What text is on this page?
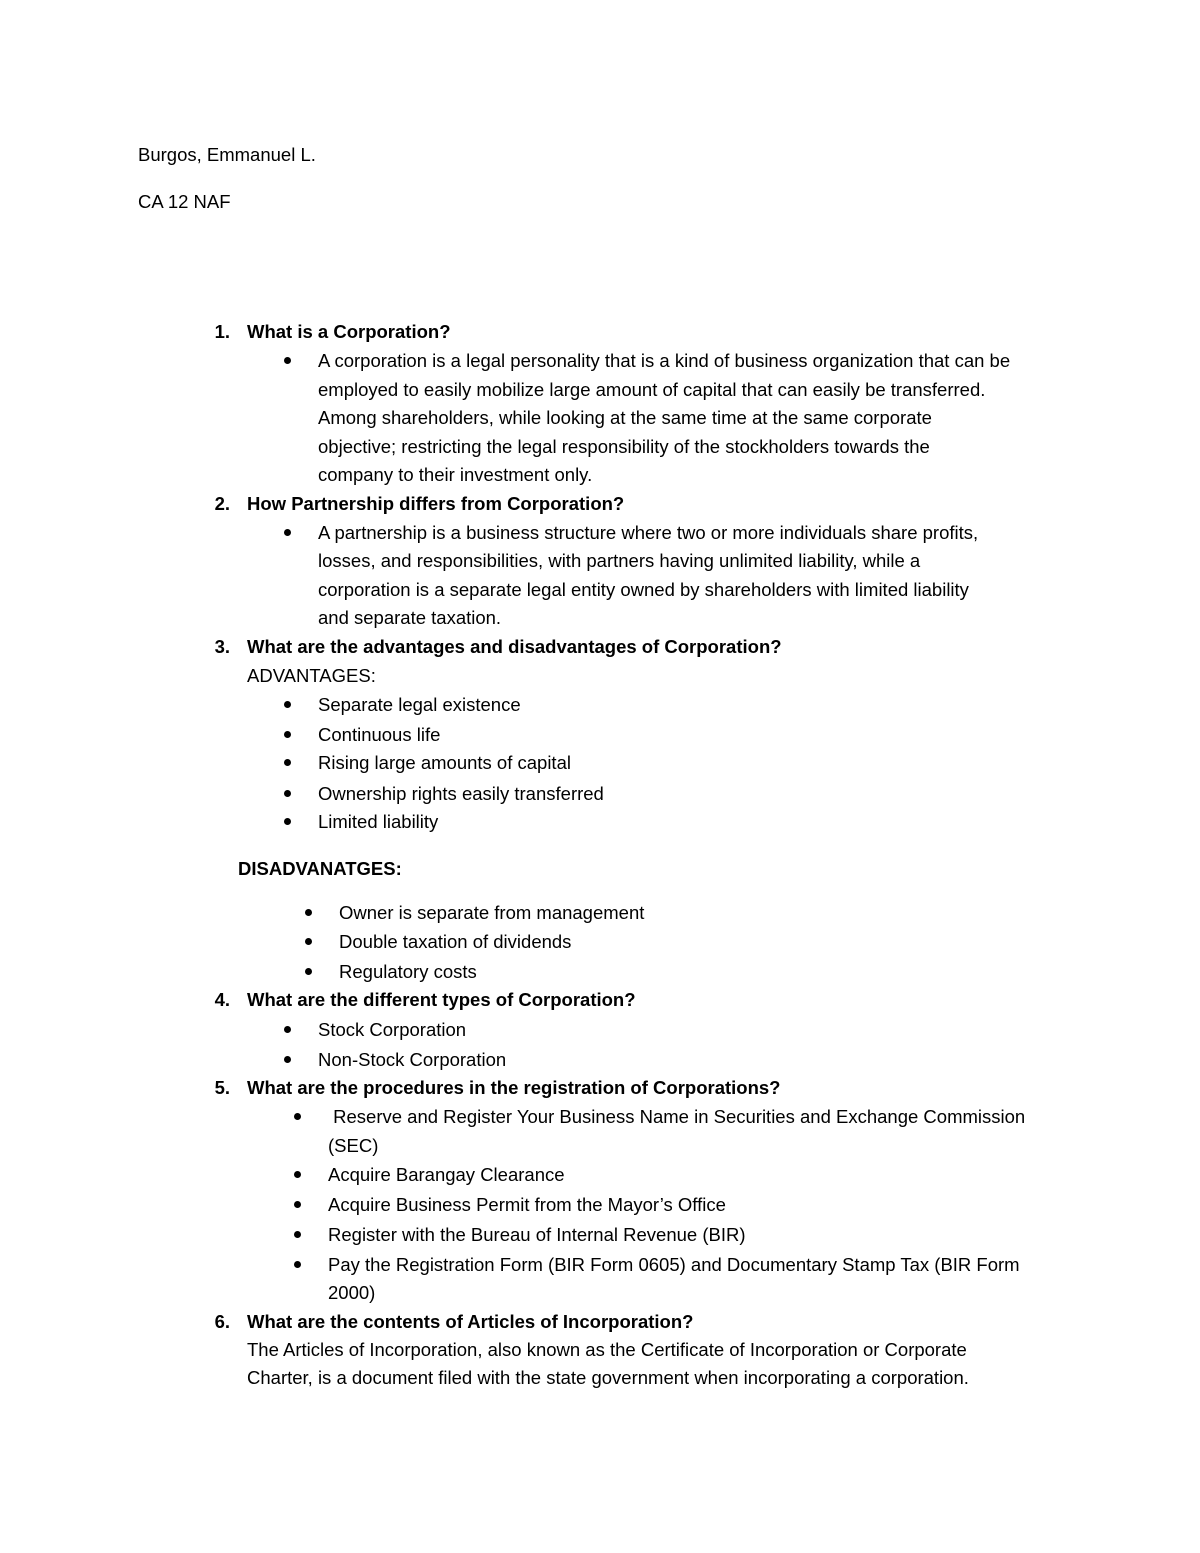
Burgos, Emmanuel L.
CA 12 NAF
1. What is a Corporation?
A corporation is a legal personality that is a kind of business organization that can be
employed to easily mobilize large amount of capital that can easily be transferred.
Among shareholders, while looking at the same time at the same corporate
objective; restricting the legal responsibility of the stockholders towards the
company to their investment only.
2. How Partnership differs from Corporation?
A partnership is a business structure where two or more individuals share profits,
losses, and responsibilities, with partners having unlimited liability, while a
corporation is a separate legal entity owned by shareholders with limited liability
and separate taxation.
3. What are the advantages and disadvantages of Corporation?
ADVANTAGES:
Separate legal existence
Continuous life
Rising large amounts of capital
Ownership rights easily transferred
Limited liability
DISADVANATGES:
Owner is separate from management
Double taxation of dividends
Regulatory costs
4. What are the different types of Corporation?
Stock Corporation
Non-Stock Corporation
5. What are the procedures in the registration of Corporations?
Reserve and Register Your Business Name in Securities and Exchange Commission
(SEC)
Acquire Barangay Clearance
Acquire Business Permit from the Mayor’s Office
Register with the Bureau of Internal Revenue (BIR)
Pay the Registration Form (BIR Form 0605) and Documentary Stamp Tax (BIR Form
2000)
6. What are the contents of Articles of Incorporation?
The Articles of Incorporation, also known as the Certificate of Incorporation or Corporate
Charter, is a document filed with the state government when incorporating a corporation.
